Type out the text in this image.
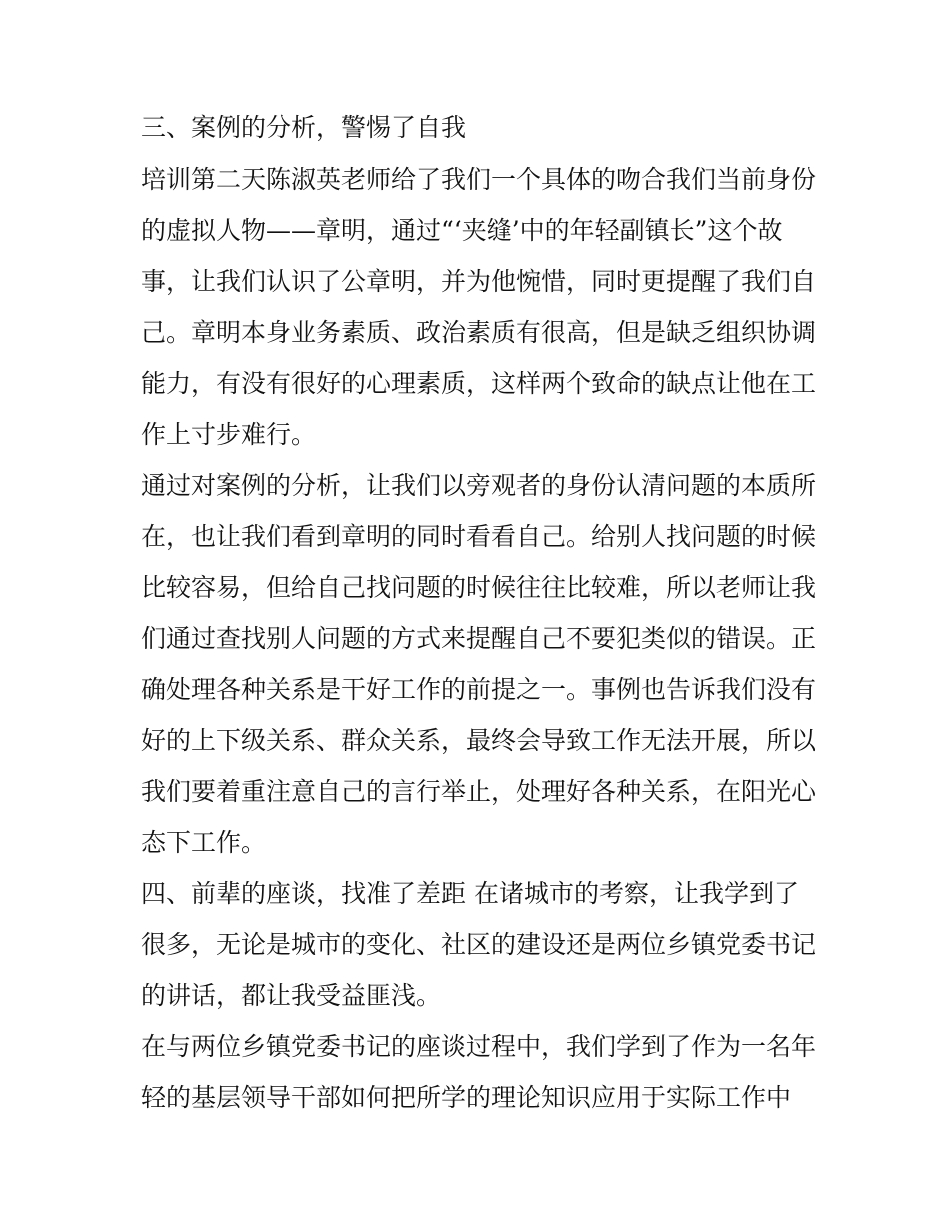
三、案例的分析，警惕了自我
培训第二天陈淑英老师给了我们一个具体的吻合我们当前身份
的虚拟人物——章明，通过“‘夹缝’中的年轻副镇长”这个故
事，让我们认识了公章明，并为他惋惜，同时更提醒了我们自
己。章明本身业务素质、政治素质有很高，但是缺乏组织协调
能力，有没有很好的心理素质，这样两个致命的缺点让他在工
作上寸步难行。
通过对案例的分析，让我们以旁观者的身份认清问题的本质所
在，也让我们看到章明的同时看看自己。给别人找问题的时候
比较容易，但给自己找问题的时候往往比较难，所以老师让我
们通过查找别人问题的方式来提醒自己不要犯类似的错误。正
确处理各种关系是干好工作的前提之一。事例也告诉我们没有
好的上下级关系、群众关系，最终会导致工作无法开展，所以
我们要着重注意自己的言行举止，处理好各种关系，在阳光心
态下工作。
四、前辈的座谈，找准了差距 在诸城市的考察，让我学到了
很多，无论是城市的变化、社区的建设还是两位乡镇党委书记
的讲话，都让我受益匪浅。
在与两位乡镇党委书记的座谈过程中，我们学到了作为一名年
轻的基层领导干部如何把所学的理论知识应用于实际工作中
